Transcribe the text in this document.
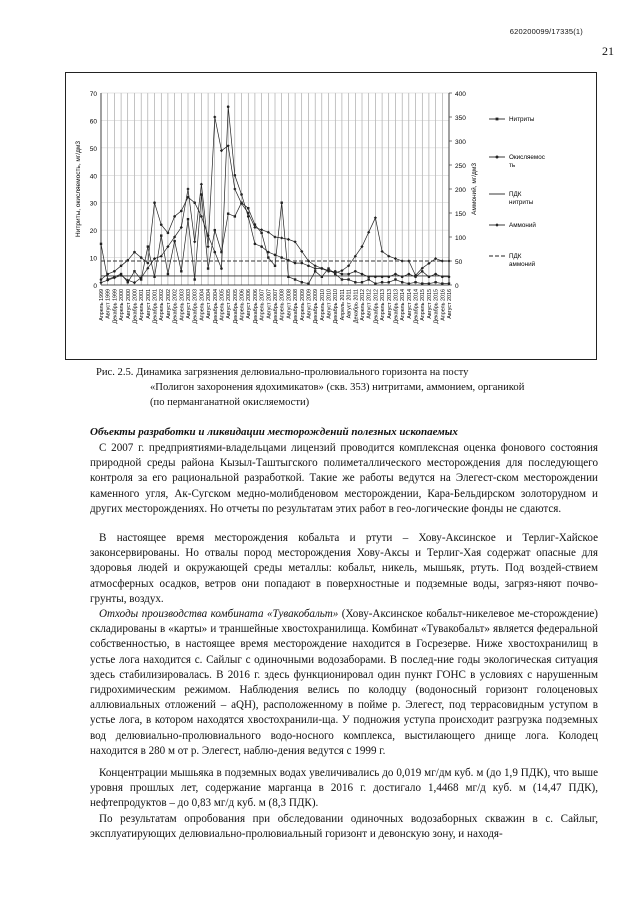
620200099/17335(1)
21
0
10
20
30
40
50
60
70
0
50
100
150
200
250
300
350
400
Нитриты, окисляемость, мг/дм3	Аммоний, мг/дм3
Апрель 1999 Август 1999 Декабрь 1999 Апрель 2000 Август 2000 Декабрь 2000 Апрель 2001 Август 2001 Декабрь 2001 Апрель 2002 Август 2002 Декабрь 2002 Апрель 2003 Август 2003 Декабрь 2003 Апрель 2004 Август 2004 Декабрь 2004 Апрель 2005 Август 2005 Декабрь 2005 Апрель 2006 Август 2006 Декабрь 2006 Апрель 2007 Август 2007 Декабрь 2007 Апрель 2008 Август 2008 Декабрь 2008 Апрель 2009 Август 2009 Декабрь 2009 Апрель 2010 Август 2010 Декабрь 2010 Апрель 2011 Август 2011 Декабрь 2011 Апрель 2012 Август 2012 Декабрь 2012 Апрель 2013 Август 2013 Декабрь 2013 Апрель 2014 Август 2014 Декабрь 2014 Апрель 2015 Август 2015 Декабрь 2015 Апрель 2016 Август 2016
Нитриты
Окисляемос
ть
ПДК
нитриты
Аммоний
ПДК
аммоний
Рис. 2.5. Динамика загрязнения делювиально-пролювиального горизонта на посту

«Полигон захоронения ядохимикатов» (скв. 353) нитритами, аммонием, органикой
(по перманганатной окисляемости)
Объекты разработки и ликвидации месторождений полезных ископаемых
С 2007 г. предприятиями-владельцами лицензий проводится комплексная оценка фонового состояния природной среды района Кызыл-Таштыгского полиметаллического месторождения для последующего контроля за его рациональной разработкой. Такие же работы ведутся на Элегест-ском месторождении каменного угля, Ак-Сугском медно-молибденовом месторождении, Кара-Бельдирском золоторудном и других месторождениях. Но отчеты по результатам этих работ в гео-логические фонды не сдаются.
В настоящее время месторождения кобальта и ртути – Хову-Аксинское и Терлиг-Хайское законсервированы. Но отвалы пород месторождения Хову-Аксы и Терлиг-Хая содержат опасные для здоровья людей и окружающей среды металлы: кобальт, никель, мышьяк, ртуть. Под воздей-ствием атмосферных осадков, ветров они попадают в поверхностные и подземные воды, загряз-няют почво-грунты, воздух.
Отходы производства комбината «Тувакобальт» (Хову-Аксинское кобальт-никелевое ме-сторождение) складированы в «карты» и траншейные хвостохранилища. Комбинат «Тувакобальт» является федеральной собственностью, в настоящее время месторождение находится в Госрезерве. Ниже хвостохранилищ в устье лога находится с. Сайлыг с одиночными водозаборами. В послед-ние годы экологическая ситуация здесь стабилизировалась. В 2016 г. здесь функционировал один пункт ГОНС в условиях с нарушенным гидрохимическим режимом. Наблюдения велись по колодцу (водоносный горизонт голоценовых аллювиальных отложений – aQH), расположенному в пойме р. Элегест, под террасовидным уступом в устье лога, в котором находятся хвостохранили-ща. У подножия уступа происходит разгрузка подземных вод делювиально-пролювиального водо-носного комплекса, выстилающего днище лога. Колодец находится в 280 м от р. Элегест, наблю-дения ведутся с 1999 г.
Концентрации мышьяка в подземных водах увеличивались до 0,019 мг/дм куб. м (до 1,9 ПДК), что выше уровня прошлых лет, содержание марганца в 2016 г. достигало 1,4468 мг/д куб. м (14,47 ПДК), нефтепродуктов – до 0,83 мг/д куб. м (8,3 ПДК).
По результатам опробования при обследовании одиночных водозаборных скважин в с. Сайлыг, эксплуатирующих делювиально-пролювиальный горизонт и девонскую зону, и находя-
